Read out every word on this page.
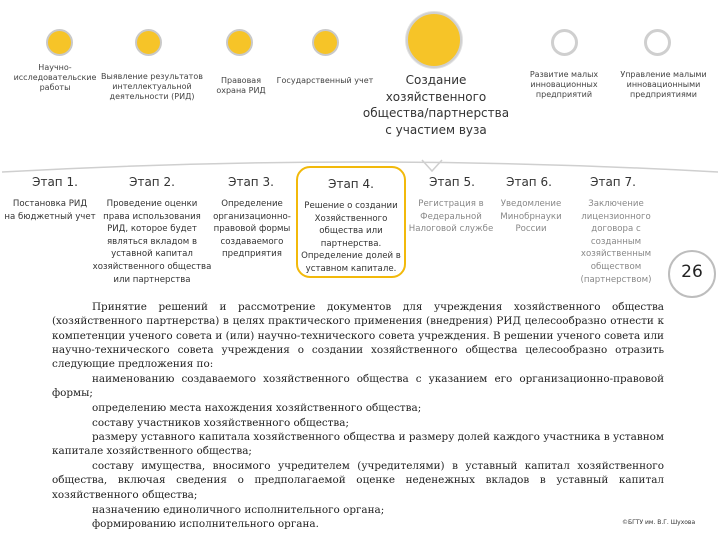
Научно-
исследовательские
работы
Выявление результатов
интеллектуальной
деятельности (РИД)
Правовая
охрана РИД
Государственный учет	Создание
хозяйственного
общества/партнерства
с участием вуза
Развитие малых
инновационных
предприятий
Управление малыми
инновационными
предприятиями
Этап 1.	Этап 2.	Этап 3.	Этап 4.	Этап 5.	Этап 6.	Этап 7.
Постановка РИД
на бюджетный учет
Проведение оценки
права использования
РИД, которое будет
являться вкладом в
уставной капитал
хозяйственного общества
или партнерства
Определение
организационно-
правовой формы
создаваемого
предприятия
Решение о создании
Хозяйственного
общества или
партнерства.
Определение долей в
уставном капитале.
Регистрация в
Федеральной
Налоговой службе
Уведомление
Минобрнауки
России
Заключение
лицензионного
договора с
созданным
хозяйственным
обществом
(партнерством)	26
Принятие решений и рассмотрение документов для учреждения хозяйственного общества (хозяйственного партнерства) в целях практического применения (внедрения) РИД целесообразно отнести к компетенции ученого совета и (или) научно-технического совета учреждения. В решении ученого совета или научно-технического совета учреждения о создании хозяйственного общества целесообразно отразить следующие предложения по:
наименованию создаваемого хозяйственного общества с указанием его организационно-правовой формы;
определению места нахождения хозяйственного общества;
составу участников хозяйственного общества;
размеру уставного капитала хозяйственного общества и размеру долей каждого участника в уставном капитале хозяйственного общества;
составу имущества, вносимого учредителем (учредителями) в уставный капитал хозяйственного общества, включая сведения о предполагаемой оценке неденежных вкладов в уставный капитал хозяйственного общества;
назначению единоличного исполнительного органа;
формированию исполнительного органа.	©БГТУ им. В.Г. Шухова
